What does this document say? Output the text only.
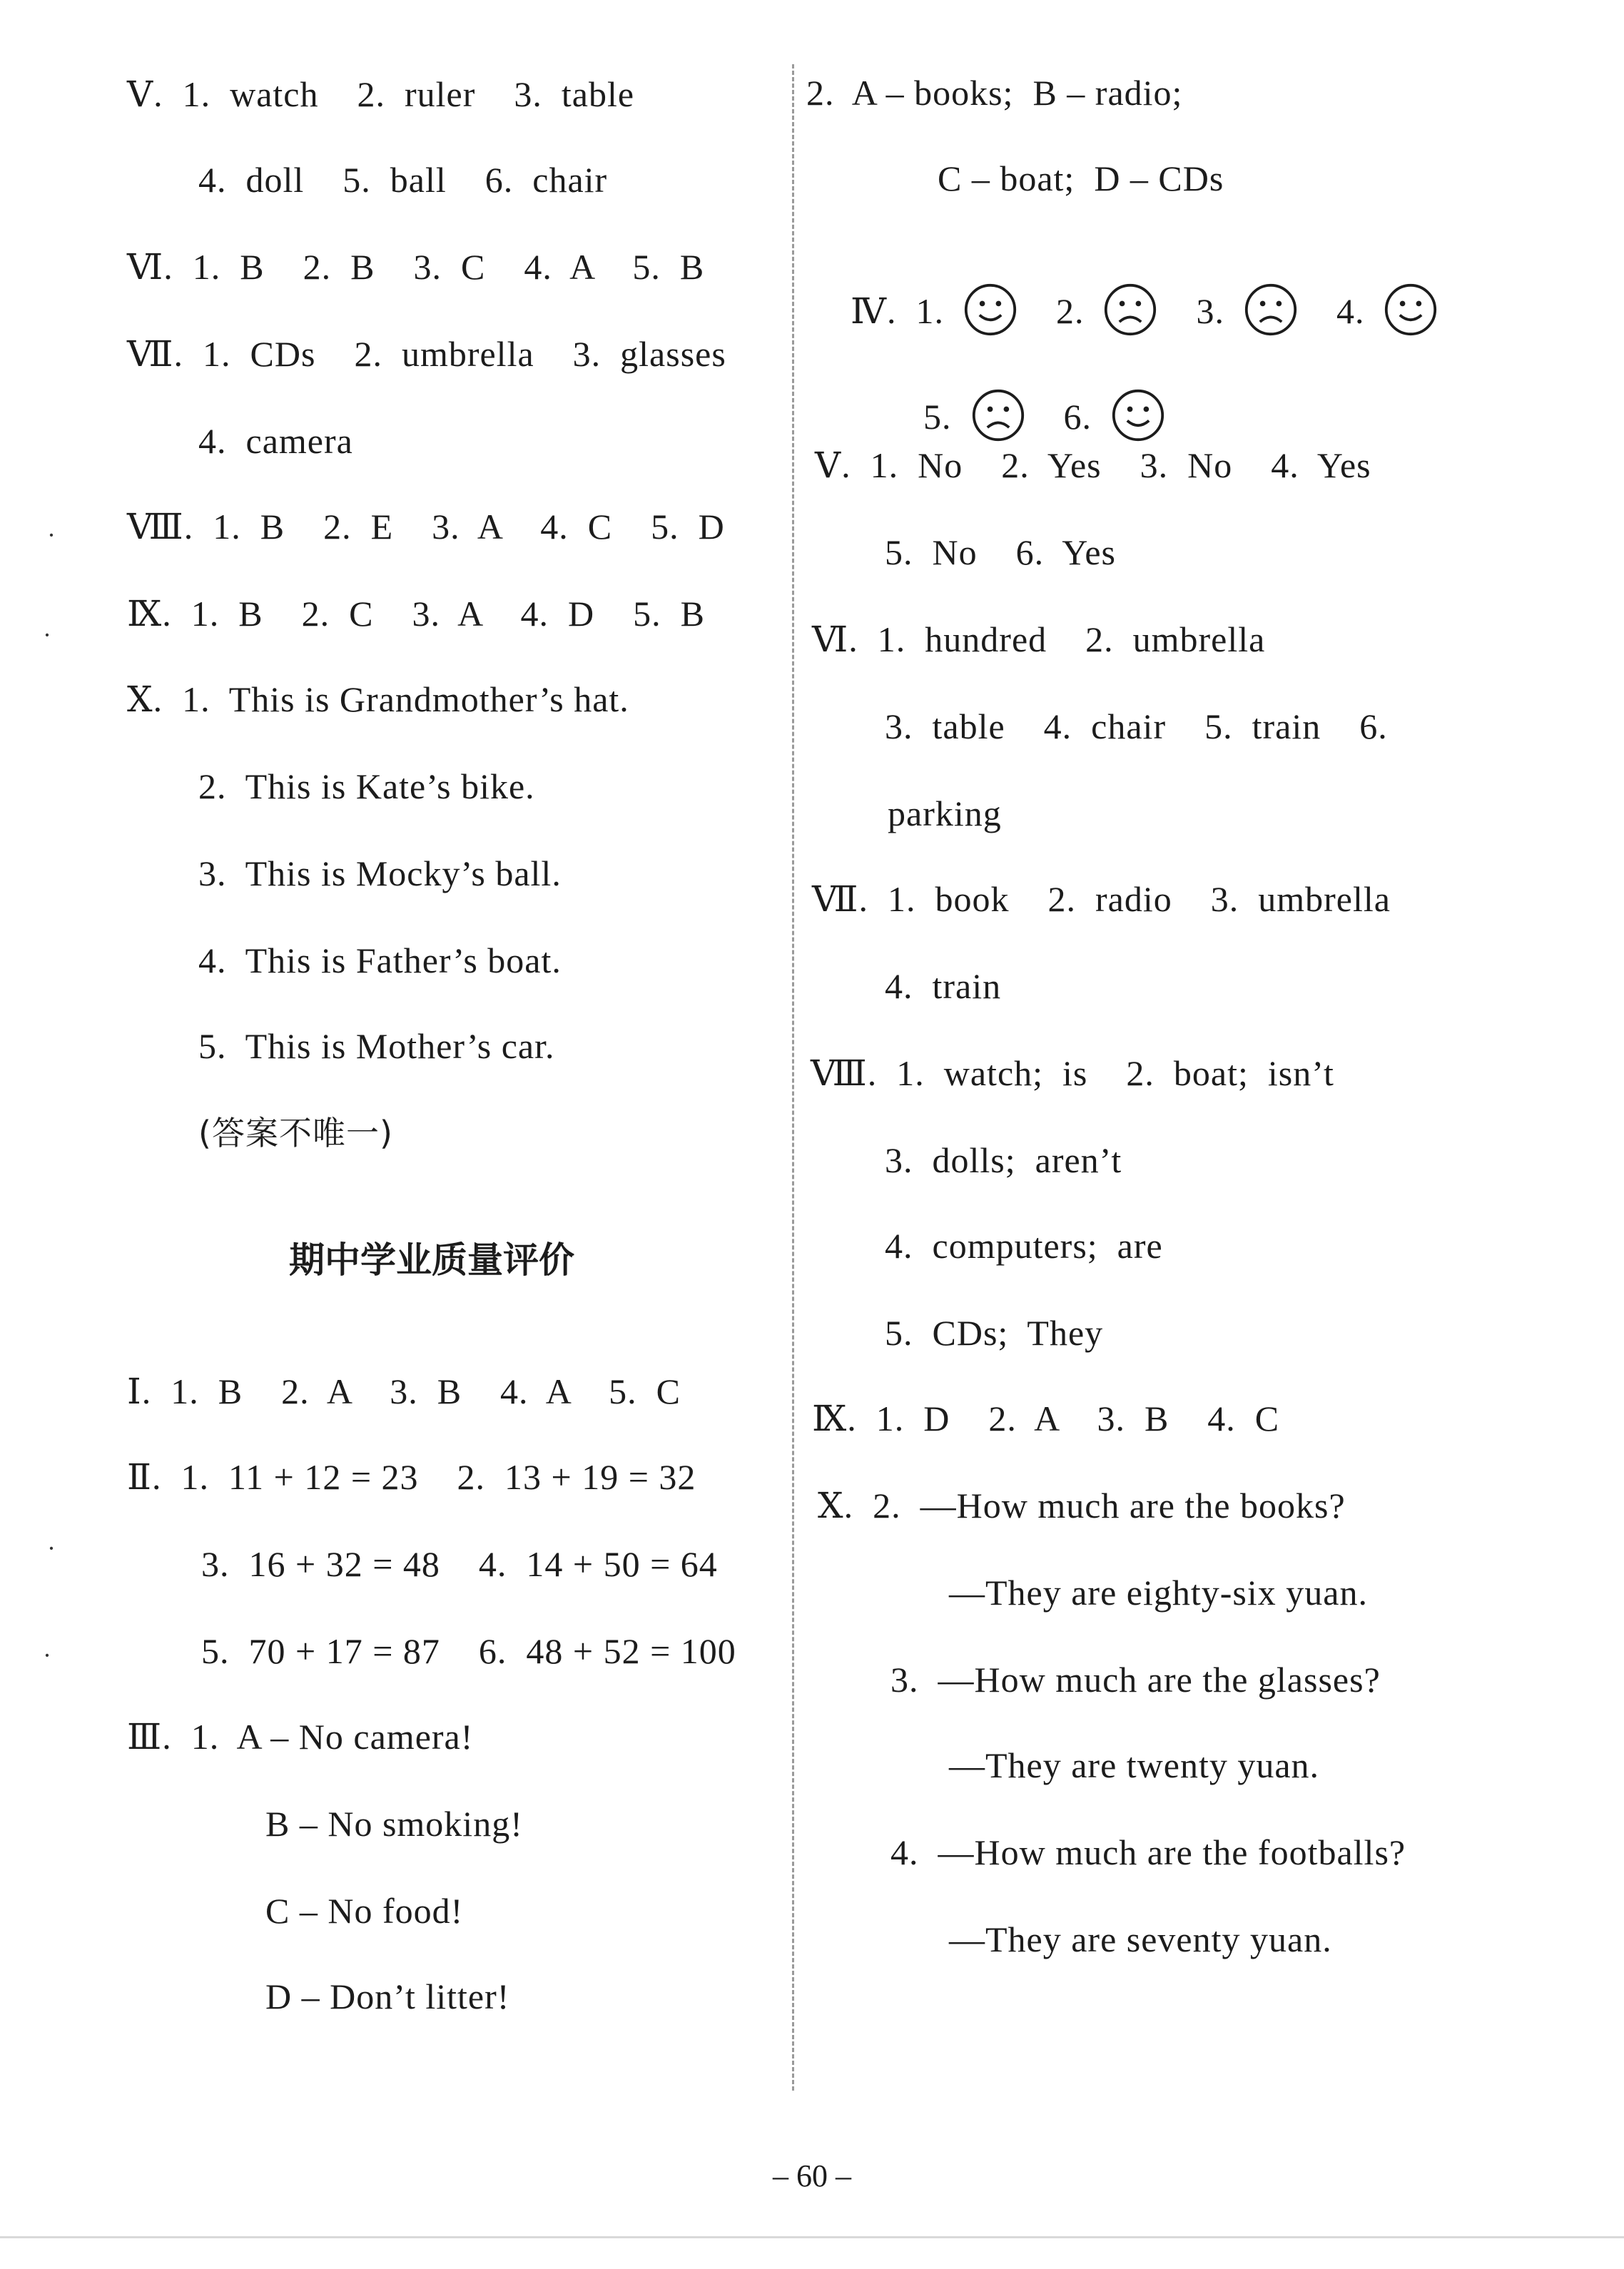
Ⅴ.  1.  watch    2.  ruler    3.  table
4.  doll    5.  ball    6.  chair
Ⅵ.  1.  B    2.  B    3.  C    4.  A    5.  B
Ⅶ.  1.  CDs    2.  umbrella    3.  glasses
4.  camera
Ⅷ.  1.  B    2.  E    3.  A    4.  C    5.  D
Ⅸ.  1.  B    2.  C    3.  A    4.  D    5.  B
Ⅹ.  1.  This is Grandmother’s hat.
2.  This is Kate’s bike.
3.  This is Mocky’s ball.
4.  This is Father’s boat.
5.  This is Mother’s car.
(答案不唯一)
期中学业质量评价
Ⅰ.  1.  B    2.  A    3.  B    4.  A    5.  C
Ⅱ.  1.  11 + 12 = 23    2.  13 + 19 = 32
3.  16 + 32 = 48    4.  14 + 50 = 64
5.  70 + 17 = 87    6.  48 + 52 = 100
Ⅲ.  1.  A – No camera!
B – No smoking!
C – No food!
D – Don’t litter!
2.  A – books;  B – radio;
C – boat;  D – CDs

Ⅳ.  1.	2.	3.	4.

5.	6.

Ⅴ.  1.  No    2.  Yes    3.  No    4.  Yes
5.  No    6.  Yes
Ⅵ.  1.  hundred    2.  umbrella
3.  table    4.  chair    5.  train    6.
parking
Ⅶ.  1.  book    2.  radio    3.  umbrella
4.  train
Ⅷ.  1.  watch;  is    2.  boat;  isn’t
3.  dolls;  aren’t
4.  computers;  are
5.  CDs;  They
Ⅸ.  1.  D    2.  A    3.  B    4.  C
Ⅹ.  2.  —How much are the books?
—They are eighty-six yuan.
3.  —How much are the glasses?
—They are twenty yuan.
4.  —How much are the footballs?
—They are seventy yuan.
– 60 –
·
·
·
·
